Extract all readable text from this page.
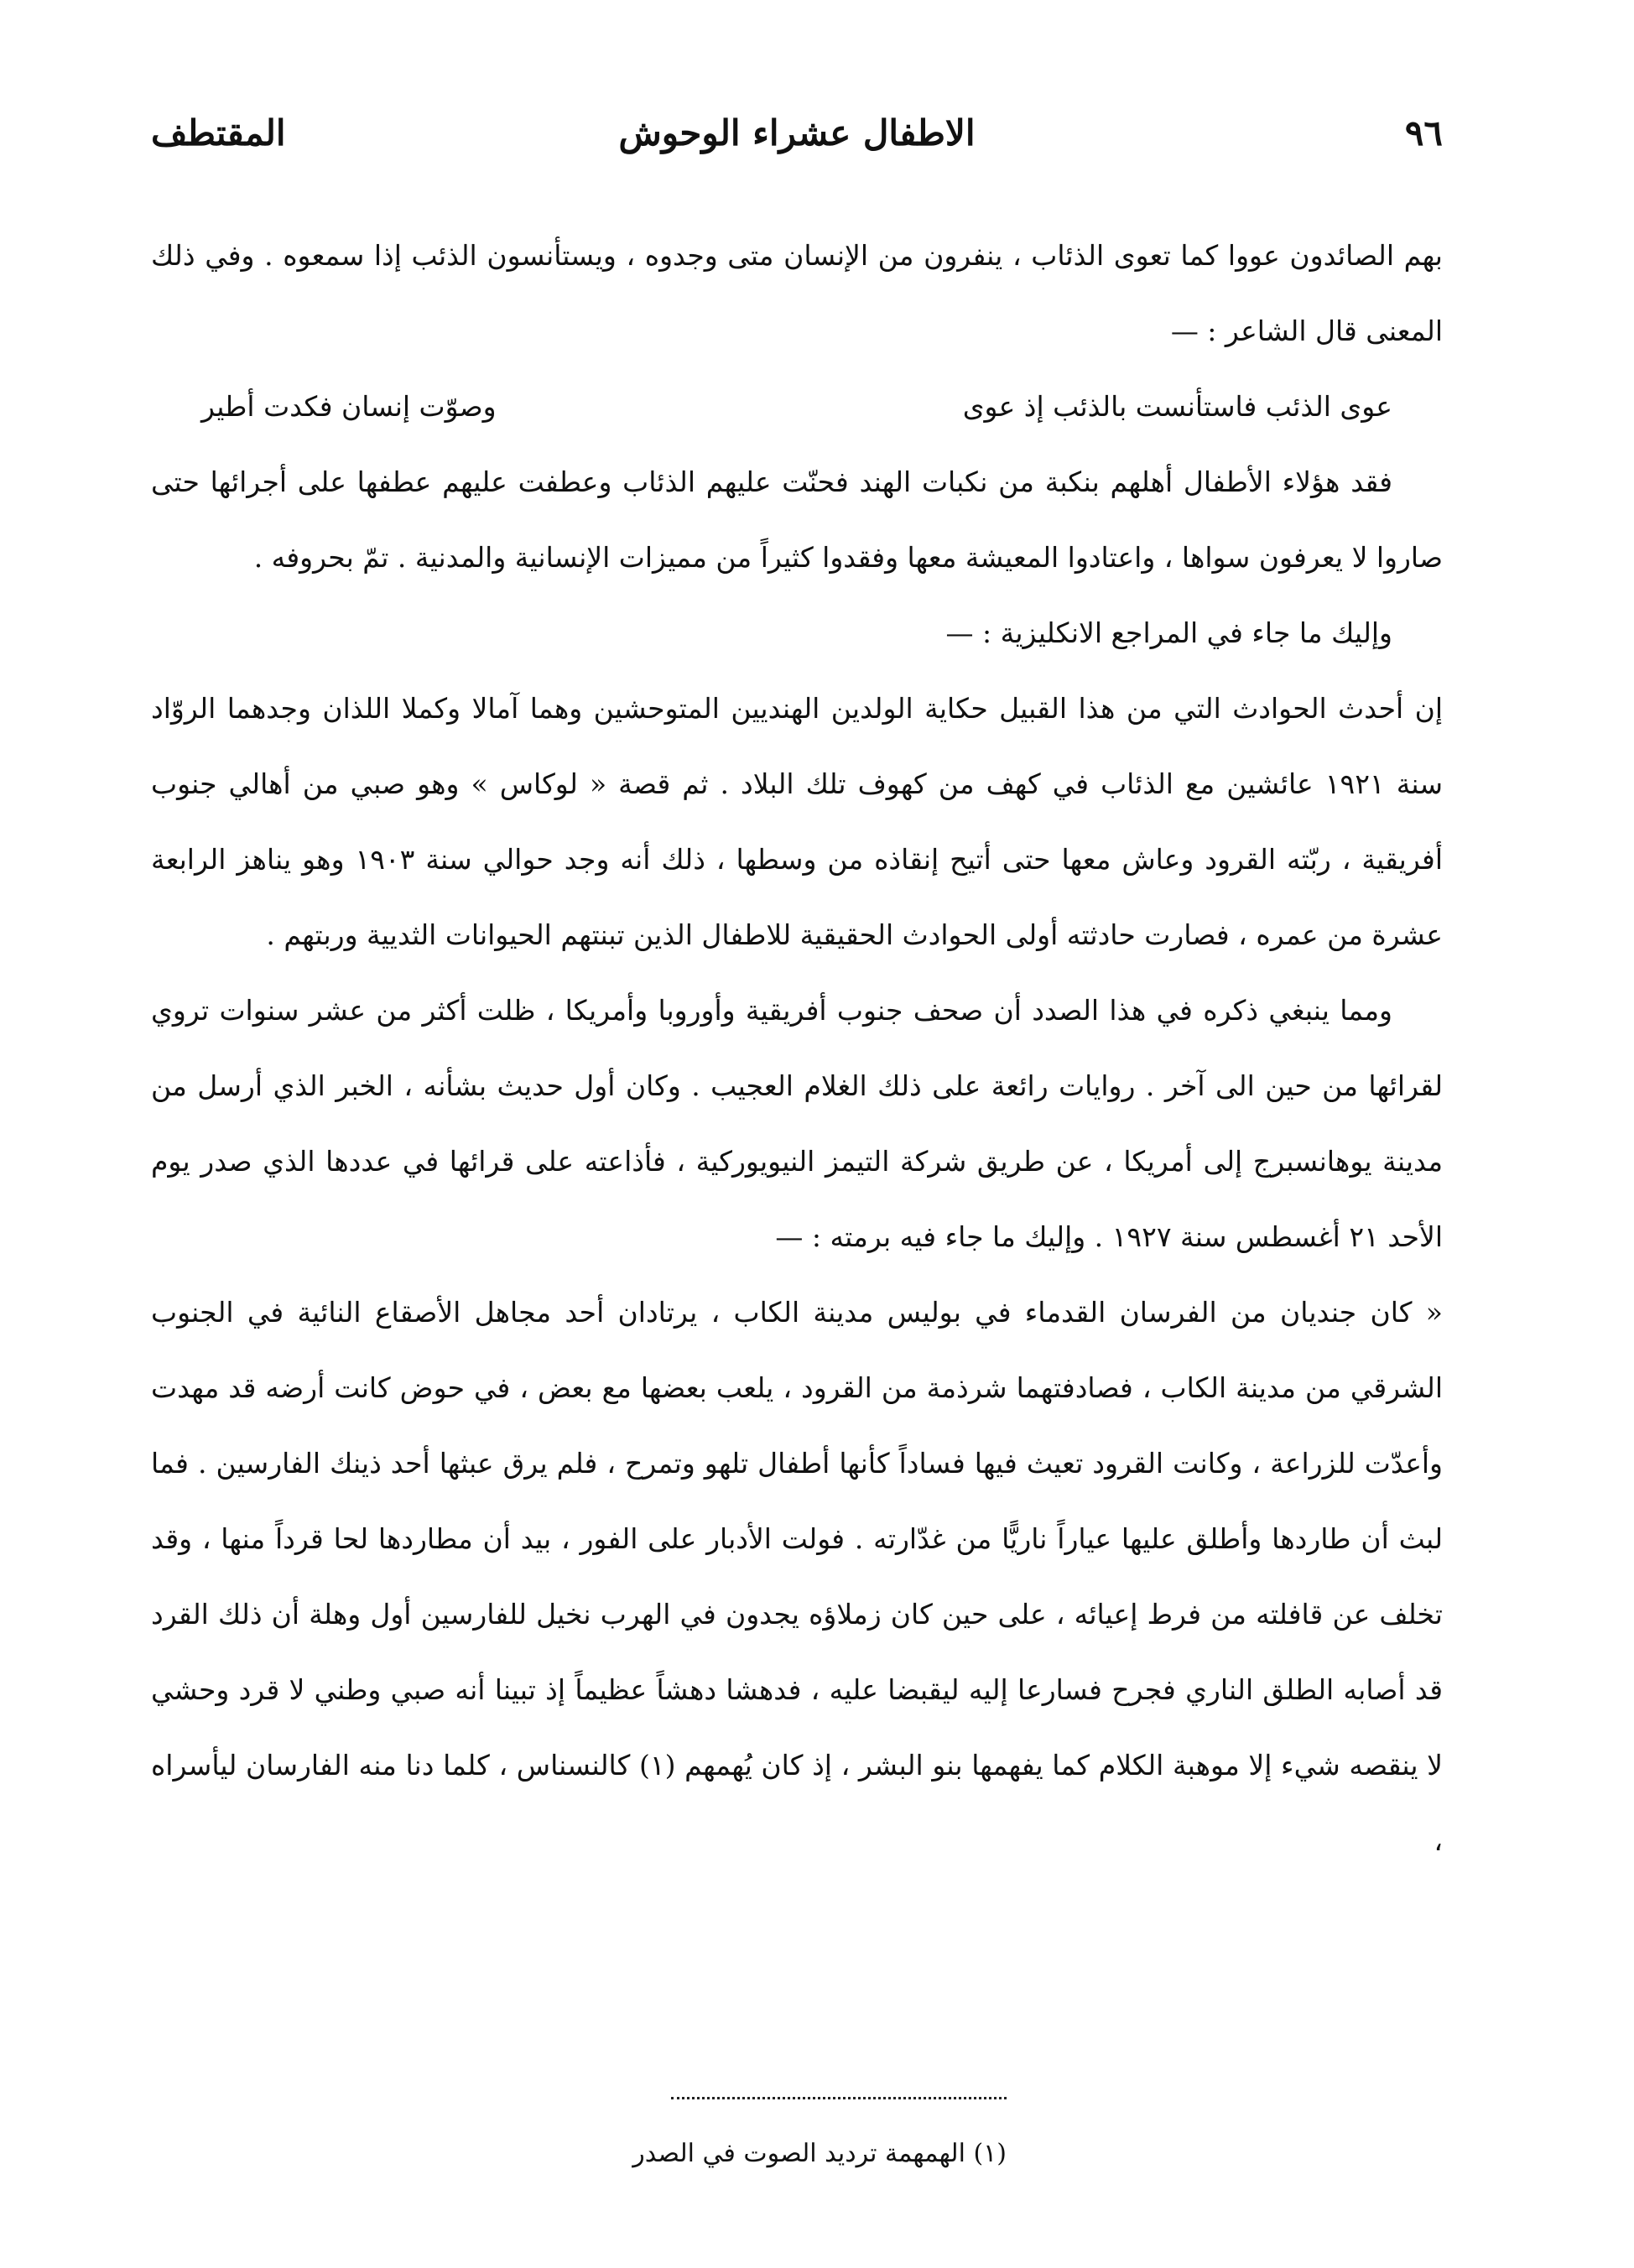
٩٦
الاطفال عشراء الوحوش
المقتطف

بهم الصائدون عووا كما تعوى الذئاب ، ينفرون من الإنسان متى وجدوه ، ويستأنسون الذئب إذا سمعوه . وفي ذلك المعنى قال الشاعر : —

عوى الذئب فاستأنست بالذئب إذ عوى
وصوّت إنسان فكدت أطير

فقد هؤلاء الأطفال أهلهم بنكبة من نكبات الهند فحنّت عليهم الذئاب وعطفت عليهم عطفها على أجرائها حتى صاروا لا يعرفون سواها ، واعتادوا المعيشة معها وفقدوا كثيراً من مميزات الإنسانية والمدنية . تمّ بحروفه .

وإليك ما جاء في المراجع الانكليزية : —

إن أحدث الحوادث التي من هذا القبيل حكاية الولدين الهنديين المتوحشين وهما آمالا وكملا اللذان وجدهما الروّاد سنة ١٩٢١ عائشين مع الذئاب في كهف من كهوف تلك البلاد . ثم قصة « لوكاس » وهو صبي من أهالي جنوب أفريقية ، ربّته القرود وعاش معها حتى أتيح إنقاذه من وسطها ، ذلك أنه وجد حوالي سنة ١٩٠٣ وهو يناهز الرابعة عشرة من عمره ، فصارت حادثته أولى الحوادث الحقيقية للاطفال الذين تبنتهم الحيوانات الثديية وربتهم .

ومما ينبغي ذكره في هذا الصدد أن صحف جنوب أفريقية وأوروبا وأمريكا ، ظلت أكثر من عشر سنوات تروي لقرائها من حين الى آخر . روايات رائعة على ذلك الغلام العجيب . وكان أول حديث بشأنه ، الخبر الذي أرسل من مدينة يوهانسبرج إلى أمريكا ، عن طريق شركة التيمز النيويوركية ، فأذاعته على قرائها في عددها الذي صدر يوم الأحد ٢١ أغسطس سنة ١٩٢٧ . وإليك ما جاء فيه برمته : —

« كان جنديان من الفرسان القدماء في بوليس مدينة الكاب ، يرتادان أحد مجاهل الأصقاع النائية في الجنوب الشرقي من مدينة الكاب ، فصادفتهما شرذمة من القرود ، يلعب بعضها مع بعض ، في حوض كانت أرضه قد مهدت وأعدّت للزراعة ، وكانت القرود تعيث فيها فساداً كأنها أطفال تلهو وتمرح ، فلم يرق عبثها أحد ذينك الفارسين . فما لبث أن طاردها وأطلق عليها عياراً ناريًّا من غدّارته . فولت الأدبار على الفور ، بيد أن مطاردها لحا قرداً منها ، وقد تخلف عن قافلته من فرط إعيائه ، على حين كان زملاؤه يجدون في الهرب نخيل للفارسين أول وهلة أن ذلك القرد قد أصابه الطلق الناري فجرح فسارعا إليه ليقبضا عليه ، فدهشا دهشاً عظيماً إذ تبينا أنه صبي وطني لا قرد وحشي لا ينقصه شيء إلا موهبة الكلام كما يفهمها بنو البشر ، إذ كان يُهمهم (١) كالنسناس ، كلما دنا منه الفارسان ليأسراه ،

(١) الهمهمة ترديد الصوت في الصدر
